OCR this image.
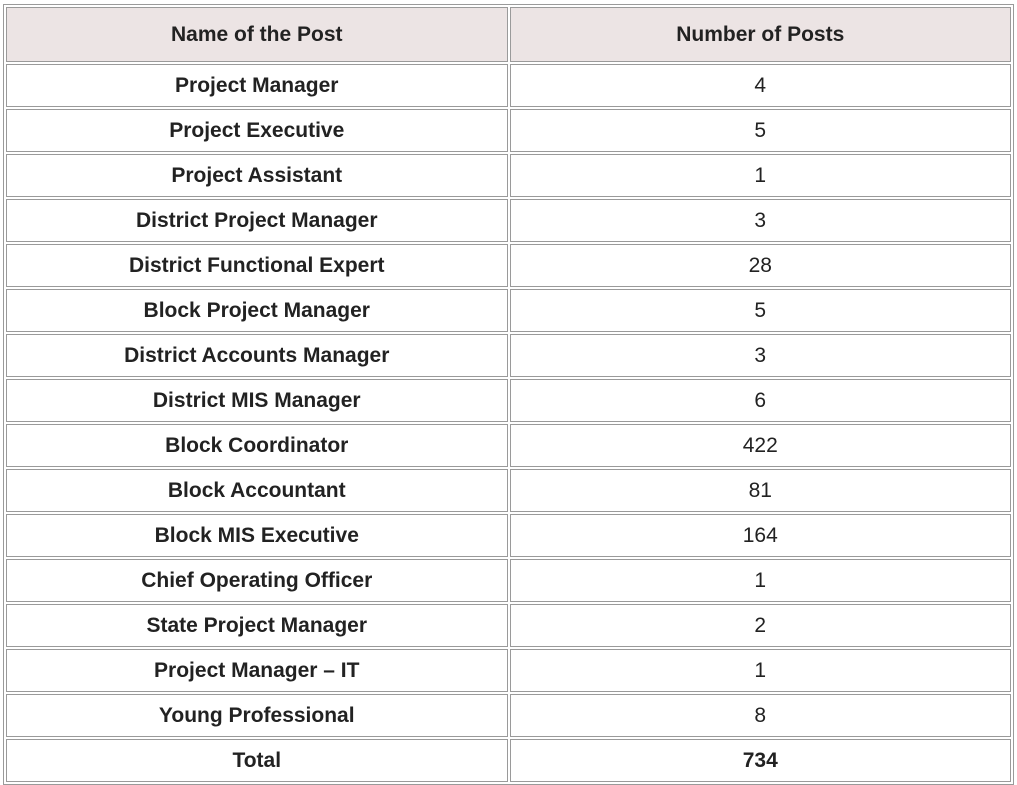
Name of the Post	Number of Posts
Project Manager	4
Project Executive	5
Project Assistant	1
District Project Manager	3
District Functional Expert	28
Block Project Manager	5
District Accounts Manager	3
District MIS Manager	6
Block Coordinator	422
Block Accountant	81
Block MIS Executive	164
Chief Operating Officer	1
State Project Manager	2
Project Manager – IT	1
Young Professional	8
Total	734
